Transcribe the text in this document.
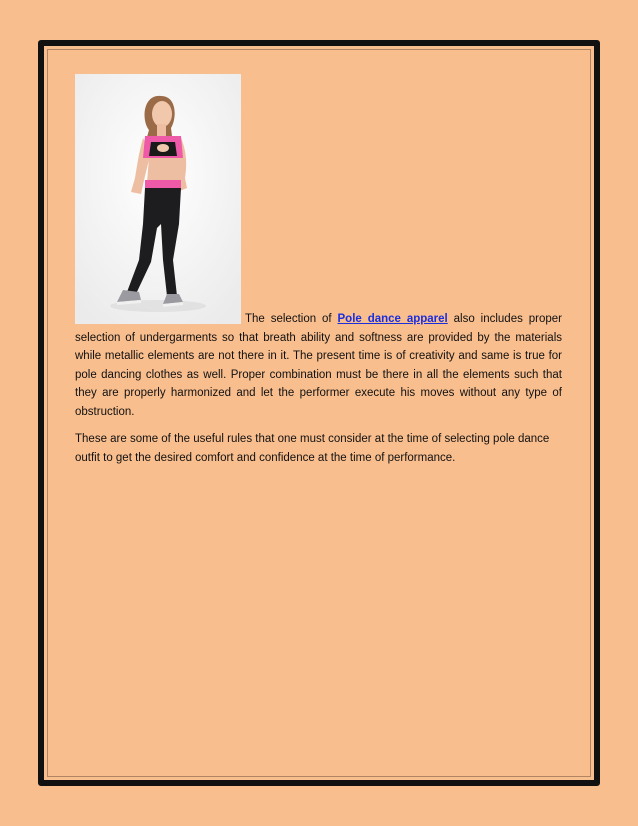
The selection of Pole dance apparel also includes proper selection of undergarments so that breath ability and softness are provided by the materials while metallic elements are not there in it. The present time is of creativity and same is true for pole dancing clothes as well. Proper combination must be there in all the elements such that they are properly harmonized and let the performer execute his moves without any type of obstruction.

These are some of the useful rules that one must consider at the time of selecting pole dance outfit to get the desired comfort and confidence at the time of performance.
